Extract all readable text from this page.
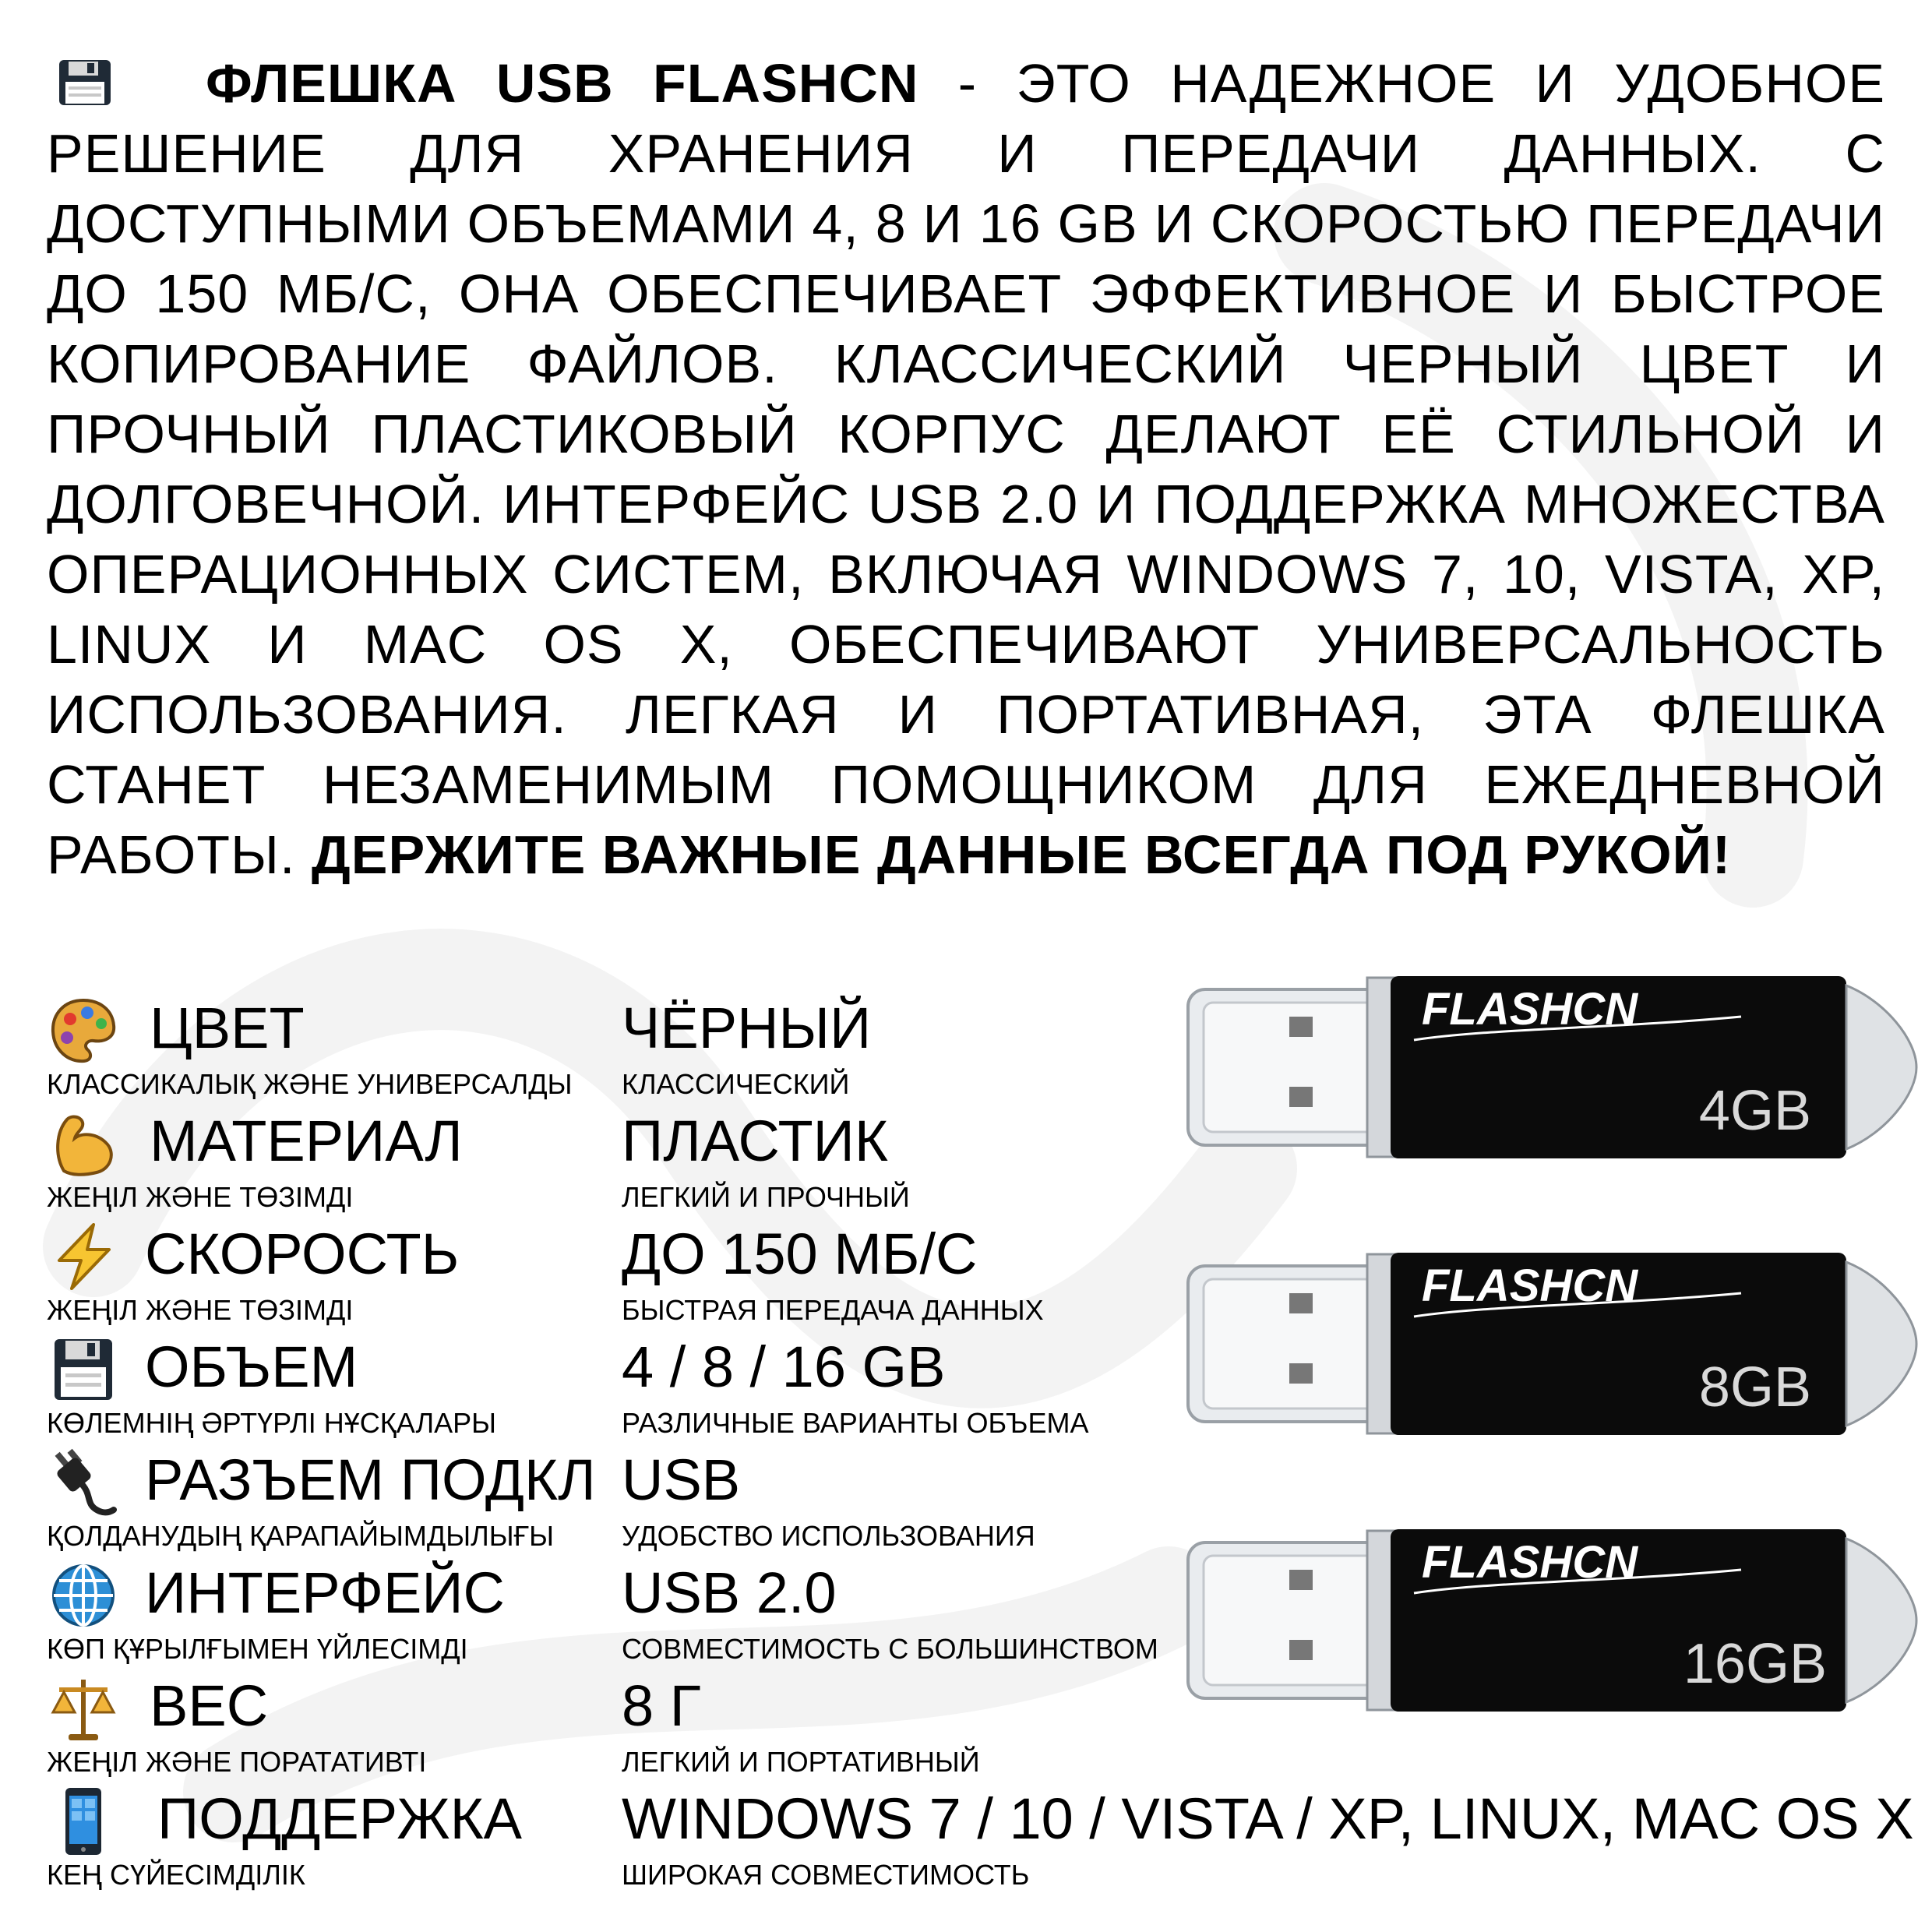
ФЛЕШКА USB FLASHCN - ЭТО НАДЕЖНОЕ И УДОБНОЕ РЕШЕНИЕ ДЛЯ ХРАНЕНИЯ И ПЕРЕДАЧИ ДАННЫХ. С ДОСТУПНЫМИ ОБЪЕМАМИ 4, 8 И 16 GB И СКОРОСТЬЮ ПЕРЕДАЧИ ДО 150 МБ/С, ОНА ОБЕСПЕЧИВАЕТ ЭФФЕКТИВНОЕ И БЫСТРОЕ КОПИРОВАНИЕ ФАЙЛОВ. КЛАССИЧЕСКИЙ ЧЕРНЫЙ ЦВЕТ И ПРОЧНЫЙ ПЛАСТИКОВЫЙ КОРПУС ДЕЛАЮТ ЕЁ СТИЛЬНОЙ И ДОЛГОВЕЧНОЙ. ИНТЕРФЕЙС USB 2.0 И ПОДДЕРЖКА МНОЖЕСТВА ОПЕРАЦИОННЫХ СИСТЕМ, ВКЛЮЧАЯ WINDOWS 7, 10, VISTA, XP, LINUX И MAC OS X, ОБЕСПЕЧИВАЮТ УНИВЕРСАЛЬНОСТЬ ИСПОЛЬЗОВАНИЯ. ЛЕГКАЯ И ПОРТАТИВНАЯ, ЭТА ФЛЕШКА СТАНЕТ НЕЗАМЕНИМЫМ ПОМОЩНИКОМ ДЛЯ ЕЖЕДНЕВНОЙ РАБОТЫ. ДЕРЖИТЕ ВАЖНЫЕ ДАННЫЕ ВСЕГДА ПОД РУКОЙ!
ЦВЕТ
КЛАССИКАЛЫҚ ЖӘНЕ УНИВЕРСАЛДЫ
ЧЁРНЫЙ
КЛАССИЧЕСКИЙ
МАТЕРИАЛ
ЖЕҢІЛ ЖӘНЕ ТӨЗІМДІ
ПЛАСТИК
ЛЕГКИЙ И ПРОЧНЫЙ
СКОРОСТЬ
ЖЕҢІЛ ЖӘНЕ ТӨЗІМДІ
ДО 150 МБ/С
БЫСТРАЯ ПЕРЕДАЧА ДАННЫХ
ОБЪЕМ
КӨЛЕМНІҢ ӘРТҮРЛІ НҰСҚАЛАРЫ
4 / 8 / 16 GB
РАЗЛИЧНЫЕ ВАРИАНТЫ ОБЪЕМА
РАЗЪЕМ ПОДКЛ
ҚОЛДАНУДЫҢ ҚАРАПАЙЫМДЫЛЫҒЫ
USB
УДОБСТВО ИСПОЛЬЗОВАНИЯ
ИНТЕРФЕЙС
КӨП ҚҰРЫЛҒЫМЕН ҮЙЛЕСІМДІ
USB 2.0
СОВМЕСТИМОСТЬ С БОЛЬШИНСТВОМ
ВЕС
ЖЕҢІЛ ЖӘНЕ ПОРАТАТИВТІ
8 Г
ЛЕГКИЙ И ПОРТАТИВНЫЙ
ПОДДЕРЖКА
КЕҢ СҮЙЕСІМДІЛІК
WINDOWS 7 / 10 / VISTA / XP, LINUX, MAC OS X
ШИРОКАЯ СОВМЕСТИМОСТЬ
FLASHCN
4GB
FLASHCN
8GB
FLASHCN
16GB
